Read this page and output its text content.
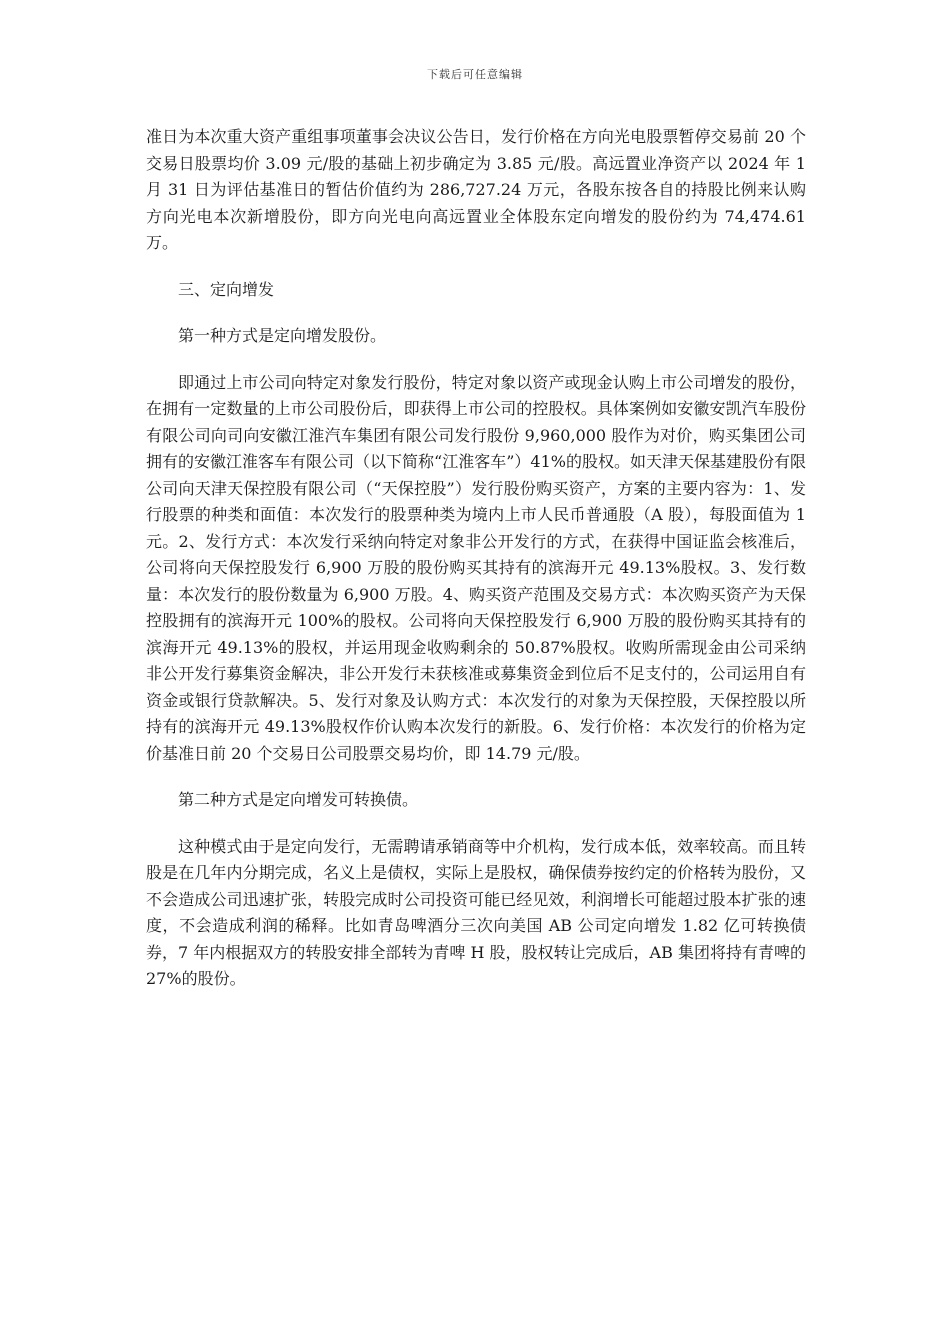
下载后可任意编辑

准日为本次重大资产重组事项董事会决议公告日，发行价格在方向光电股票暂停交易前 20 个交易日股票均价 3.09 元/股的基础上初步确定为 3.85 元/股。高远置业净资产以 2024 年 1 月 31 日为评估基准日的暂估价值约为 286,727.24 万元，各股东按各自的持股比例来认购方向光电本次新增股份，即方向光电向高远置业全体股东定向增发的股份约为 74,474.61 万。

三、定向增发

第一种方式是定向增发股份。

即通过上市公司向特定对象发行股份，特定对象以资产或现金认购上市公司增发的股份，在拥有一定数量的上市公司股份后，即获得上市公司的控股权。具体案例如安徽安凯汽车股份有限公司向司向安徽江淮汽车集团有限公司发行股份 9,960,000 股作为对价，购买集团公司拥有的安徽江淮客车有限公司（以下简称“江淮客车”）41%的股权。如天津天保基建股份有限公司向天津天保控股有限公司（“天保控股”）发行股份购买资产，方案的主要内容为：1、发行股票的种类和面值：本次发行的股票种类为境内上市人民币普通股（A 股），每股面值为 1 元。2、发行方式：本次发行采纳向特定对象非公开发行的方式，在获得中国证监会核准后，公司将向天保控股发行 6,900 万股的股份购买其持有的滨海开元 49.13%股权。3、发行数量：本次发行的股份数量为 6,900 万股。4、购买资产范围及交易方式：本次购买资产为天保控股拥有的滨海开元 100%的股权。公司将向天保控股发行 6,900 万股的股份购买其持有的滨海开元 49.13%的股权，并运用现金收购剩余的 50.87%股权。收购所需现金由公司采纳非公开发行募集资金解决，非公开发行未获核准或募集资金到位后不足支付的，公司运用自有资金或银行贷款解决。5、发行对象及认购方式：本次发行的对象为天保控股，天保控股以所持有的滨海开元 49.13%股权作价认购本次发行的新股。6、发行价格：本次发行的价格为定价基准日前 20 个交易日公司股票交易均价，即 14.79 元/股。

第二种方式是定向增发可转换债。

这种模式由于是定向发行，无需聘请承销商等中介机构，发行成本低，效率较高。而且转股是在几年内分期完成，名义上是债权，实际上是股权，确保债券按约定的价格转为股份，又不会造成公司迅速扩张，转股完成时公司投资可能已经见效，利润增长可能超过股本扩张的速度，不会造成利润的稀释。比如青岛啤酒分三次向美国 AB 公司定向增发 1.82 亿可转换债券，7 年内根据双方的转股安排全部转为青啤 H 股，股权转让完成后，AB 集团将持有青啤的 27%的股份。
